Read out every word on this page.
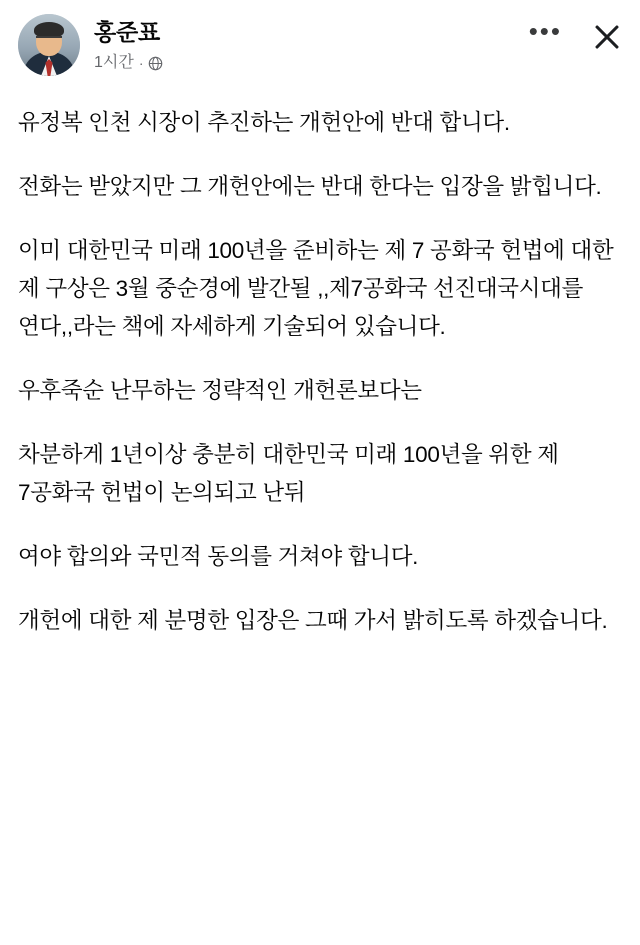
홍준표
1시간 ·
•••

유정복 인천 시장이 추진하는 개헌안에 반대 합니다.

전화는 받았지만 그 개헌안에는 반대 한다는 입장을 밝힙니다.

이미 대한민국 미래 100년을 준비하는 제 7 공화국 헌법에 대한 제 구상은 3월 중순경에 발간될 ,,제7공화국 선진대국시대를 연다,,라는 책에 자세하게 기술되어 있습니다.

우후죽순 난무하는 정략적인 개헌론보다는

차분하게 1년이상 충분히 대한민국 미래 100년을 위한 제 7공화국 헌법이 논의되고 난뒤

여야 합의와 국민적 동의를 거쳐야 합니다.

개헌에 대한 제 분명한 입장은 그때 가서 밝히도록 하겠습니다.
